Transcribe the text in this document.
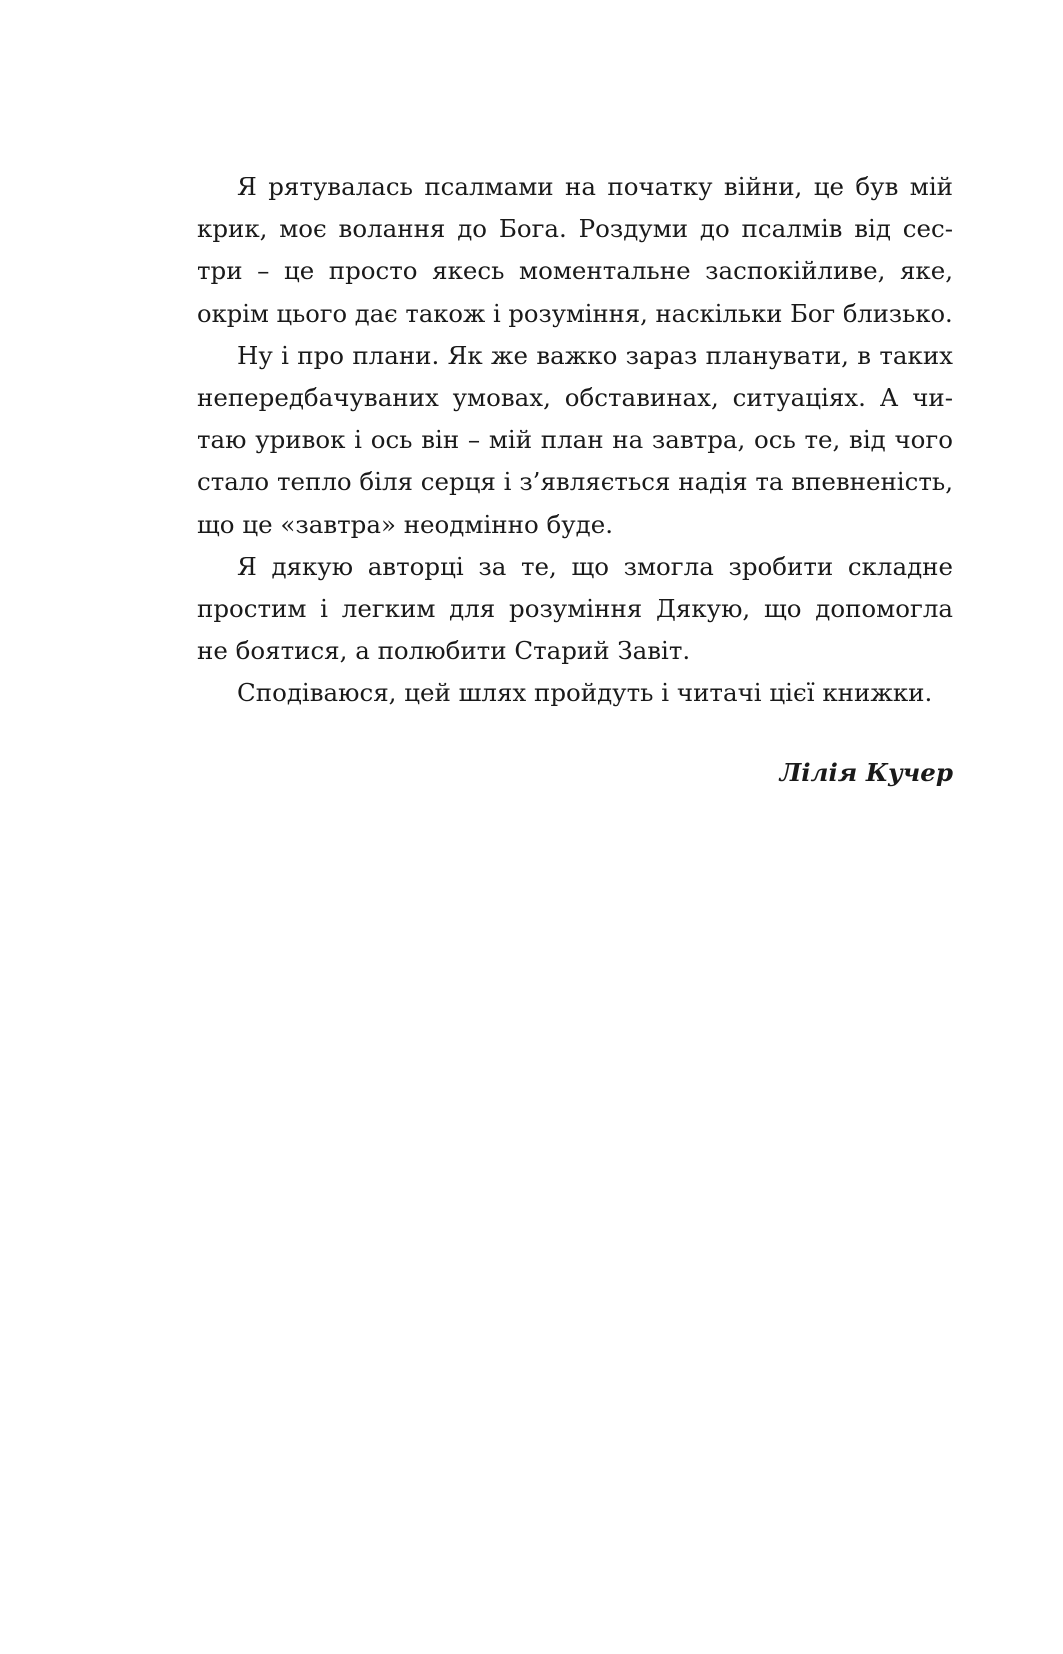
Я рятувалась псалмами на початку війни, це був мій
крик, моє волання до Бога. Роздуми до псалмів від сес-
три – це просто якесь моментальне заспокійливе, яке,
окрім цього дає також і розуміння, наскільки Бог близько.
Ну і про плани. Як же важко зараз планувати, в таких
непередбачуваних умовах, обставинах, ситуаціях. А чи-
таю уривок і ось він – мій план на завтра, ось те, від чого
стало тепло біля серця і з’являється надія та впевненість,
що це «завтра» неодмінно буде.
Я дякую авторці за те, що змогла зробити складне
простим і легким для розуміння Дякую, що допомогла
не боятися, а полюбити Старий Завіт.
Сподіваюся, цей шлях пройдуть і читачі цієї книжки.
Лілія Кучер
